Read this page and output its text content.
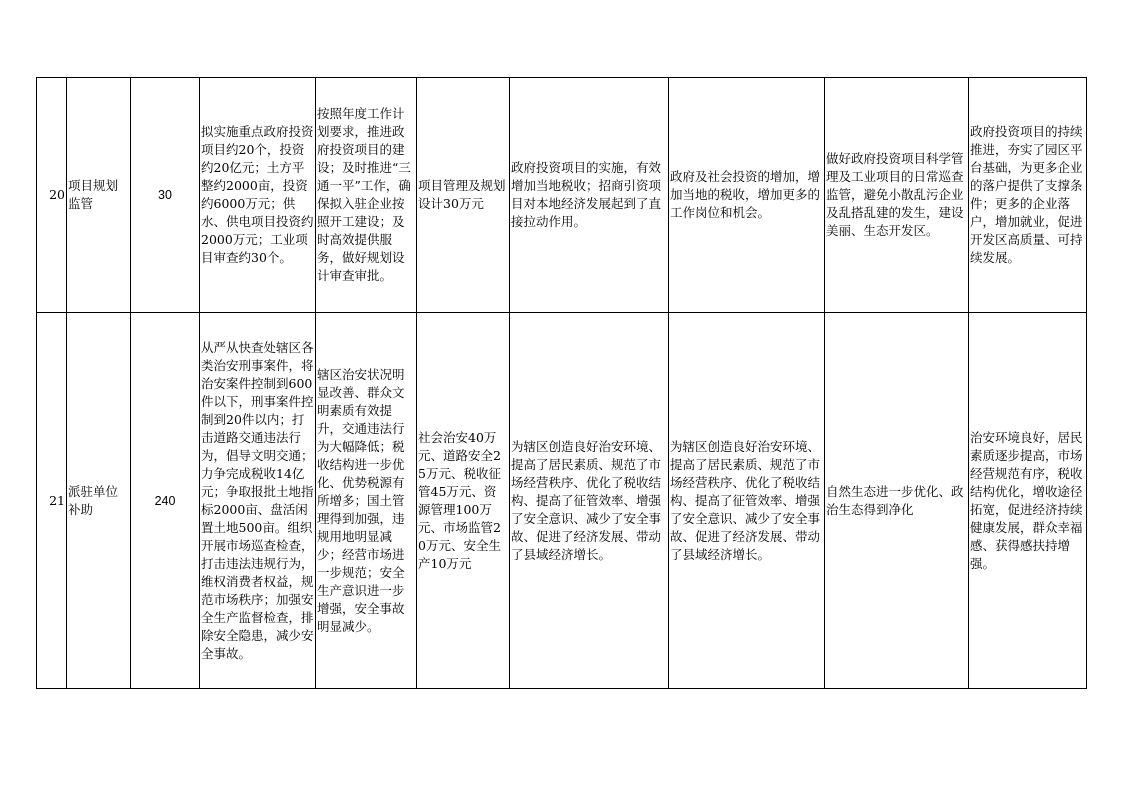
20	项目规划监管	30	拟实施重点政府投资项目约20个，投资约20亿元；土方平整约2000亩，投资约6000万元；供水、供电项目投资约2000万元；工业项目审查约30个。	按照年度工作计划要求，推进政府投资项目的建设；及时推进“三通一平”工作，确保拟入驻企业按照开工建设；及时高效提供服务，做好规划设计审查审批。	项目管理及规划设计30万元	政府投资项目的实施，有效增加当地税收；招商引资项目对本地经济发展起到了直接拉动作用。	政府及社会投资的增加，增加当地的税收，增加更多的工作岗位和机会。	做好政府投资项目科学管理及工业项目的日常巡查监管，避免小散乱污企业及乱搭乱建的发生，建设美丽、生态开发区。	政府投资项目的持续推进，夯实了园区平台基础，为更多企业的落户提供了支撑条件；更多的企业落户，增加就业，促进开发区高质量、可持续发展。
21	派驻单位补助	240	从严从快查处辖区各类治安刑事案件，将治安案件控制到600件以下，刑事案件控制到20件以内；打击道路交通违法行为，倡导文明交通；力争完成税收14亿元；争取报批土地指标2000亩、盘活闲置土地500亩。组织开展市场巡查检查，打击违法违规行为，维权消费者权益，规范市场秩序；加强安全生产监督检查，排除安全隐患，减少安全事故。	辖区治安状况明显改善、群众文明素质有效提升，交通违法行为大幅降低；税收结构进一步优化、优势税源有所增多；国土管理得到加强，违规用地明显减少；经营市场进一步规范；安全生产意识进一步增强，安全事故明显减少。	社会治安40万元、道路安全25万元、税收征管45万元、资源管理100万元、市场监管20万元、安全生产10万元	为辖区创造良好治安环境、提高了居民素质、规范了市场经营秩序、优化了税收结构、提高了征管效率、增强了安全意识、减少了安全事故、促进了经济发展、带动了县域经济增长。	为辖区创造良好治安环境、提高了居民素质、规范了市场经营秩序、优化了税收结构、提高了征管效率、增强了安全意识、减少了安全事故、促进了经济发展、带动了县域经济增长。	自然生态进一步优化、政治生态得到净化	治安环境良好，居民素质逐步提高，市场经营规范有序，税收结构优化，增收途径拓宽，促进经济持续健康发展，群众幸福感、获得感扶持增强。
